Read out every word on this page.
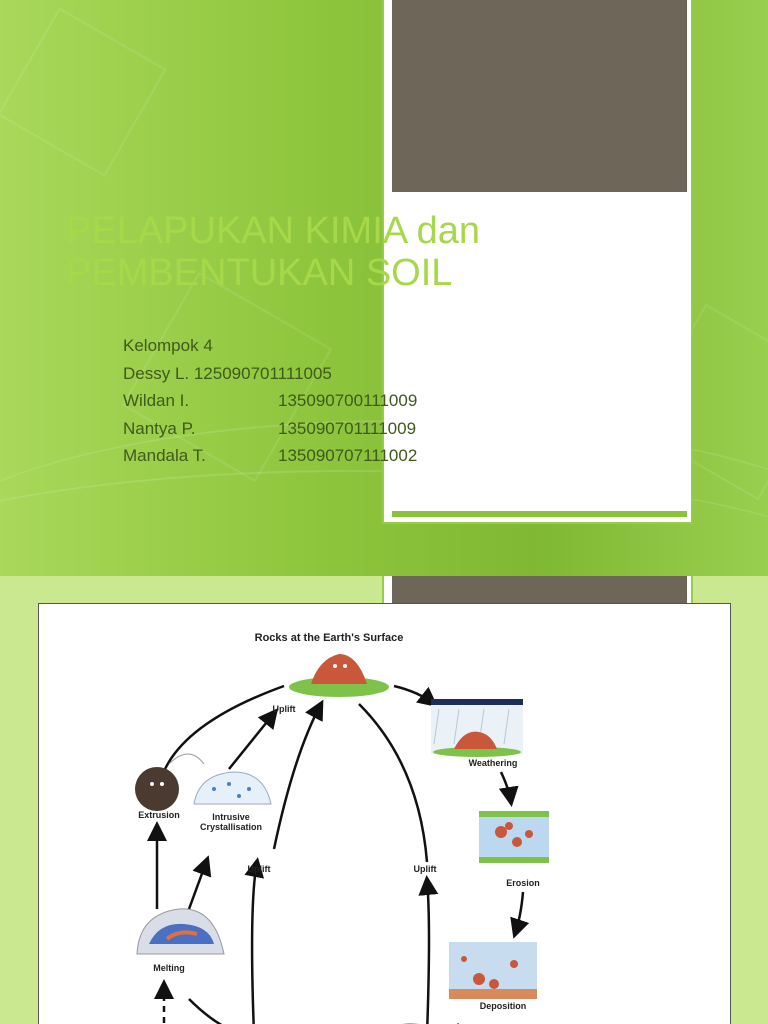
PELAPUKAN KIMIA dan
PEMBENTUKAN SOIL
Kelompok 4
Dessy L. 125090701111005
Wildan I.	135090700111009
Nantya P.	135090701111009
Mandala T.	135090707111002
Rocks at the Earth's Surface
Weathering
Erosion
Deposition
Extrusion	Intrusive
Crystallisation
Uplift
Melting
Uplift	Uplift
